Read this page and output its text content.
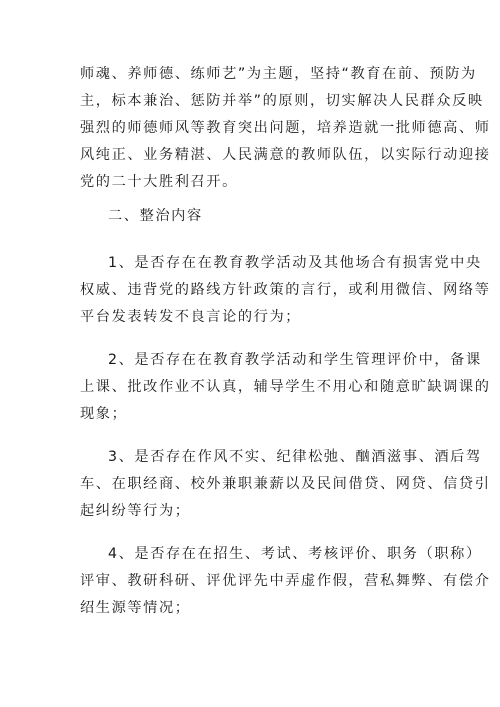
师魂、养师德、练师艺”为主题，坚持“教育在前、预防为
主，标本兼治、惩防并举”的原则，切实解决人民群众反映
强烈的师德师风等教育突出问题，培养造就一批师德高、师
风纯正、业务精湛、人民满意的教师队伍，以实际行动迎接
党的二十大胜利召开。
二、整治内容
1、是否存在在教育教学活动及其他场合有损害党中央
权威、违背党的路线方针政策的言行，或利用微信、网络等
平台发表转发不良言论的行为；
2、是否存在在教育教学活动和学生管理评价中，备课
上课、批改作业不认真，辅导学生不用心和随意旷缺调课的
现象；
3、是否存在作风不实、纪律松弛、酗酒滋事、酒后驾
车、在职经商、校外兼职兼薪以及民间借贷、网贷、信贷引
起纠纷等行为；
4、是否存在在招生、考试、考核评价、职务（职称）
评审、教研科研、评优评先中弄虚作假，营私舞弊、有偿介
绍生源等情况；
